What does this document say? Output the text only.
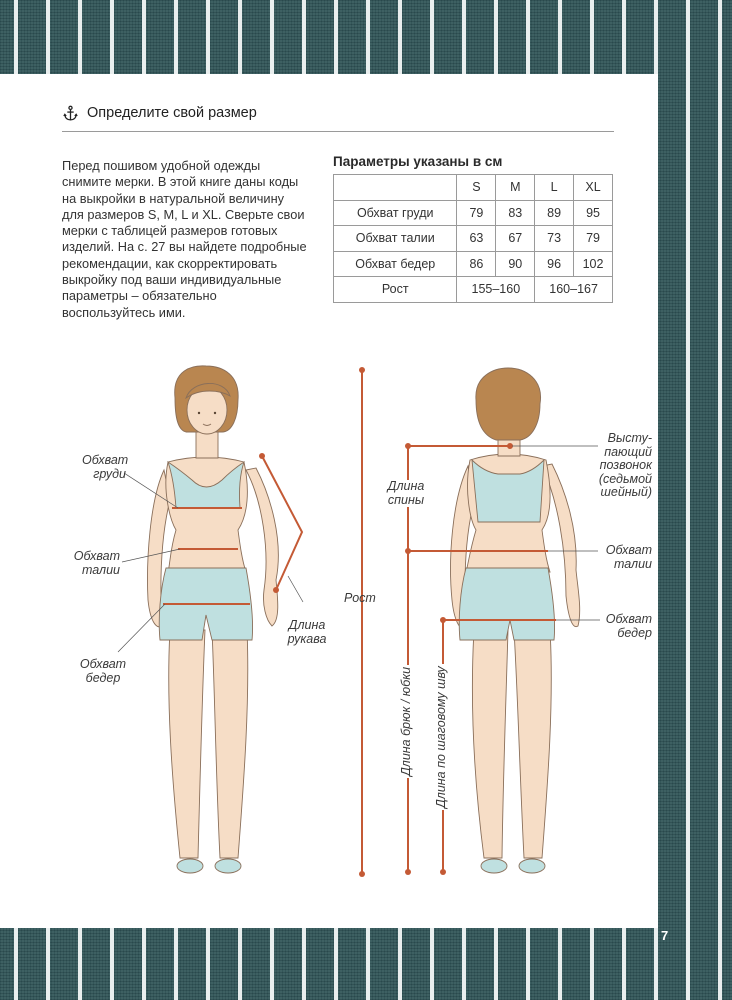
Определите свой размер

Перед пошивом удобной одежды снимите мерки. В этой книге даны коды на выкройки в натуральной величину для размеров S, M, L и XL. Сверьте свои мерки с таблицей размеров готовых изделий. На с. 27 вы найдете подробные рекомендации, как скорректировать выкройку под ваши индивидуальные параметры – обязательно воспользуйтесь ими.

Параметры указаны в см
	S	M	L	XL
Обхват груди	79	83	89	95
Обхват талии	63	67	73	79
Обхват бедер	86	90	96	102
Рост	155–160		160–167	
Обхват
груди
Обхват
талии
Обхват
бедер
Длина
рукава
Рост
Длина
спины
Длина брюк / юбки Длина по шаговому шву
Высту-
пающий
позвонок
(седьмой
шейный)
Обхват
талии
Обхват
бедер
7
